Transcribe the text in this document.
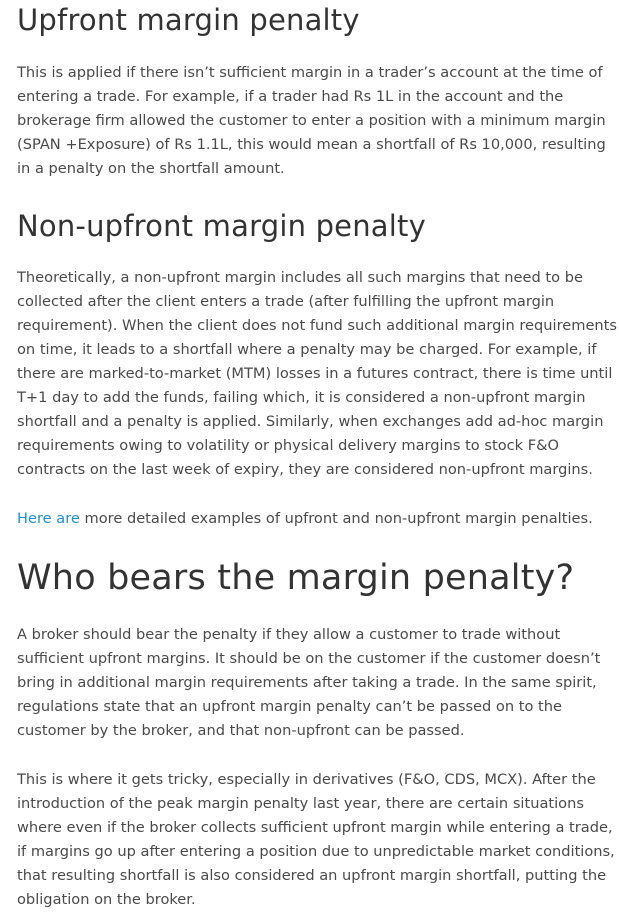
Upfront margin penalty

This is applied if there isn’t sufficient margin in a trader’s account at the time of entering a trade. For example, if a trader had Rs 1L in the account and the brokerage firm allowed the customer to enter a position with a minimum margin (SPAN +Exposure) of Rs 1.1L, this would mean a shortfall of Rs 10,000, resulting in a penalty on the shortfall amount.

Non-upfront margin penalty

Theoretically, a non-upfront margin includes all such margins that need to be collected after the client enters a trade (after fulfilling the upfront margin requirement). When the client does not fund such additional margin requirements on time, it leads to a shortfall where a penalty may be charged. For example, if there are marked-to-market (MTM) losses in a futures contract, there is time until T+1 day to add the funds, failing which, it is considered a non-upfront margin shortfall and a penalty is applied. Similarly, when exchanges add ad-hoc margin requirements owing to volatility or physical delivery margins to stock F&O contracts on the last week of expiry, they are considered non-upfront margins.

Here are more detailed examples of upfront and non-upfront margin penalties.

Who bears the margin penalty?

A broker should bear the penalty if they allow a customer to trade without sufficient upfront margins. It should be on the customer if the customer doesn’t bring in additional margin requirements after taking a trade. In the same spirit, regulations state that an upfront margin penalty can’t be passed on to the customer by the broker, and that non-upfront can be passed.

This is where it gets tricky, especially in derivatives (F&O, CDS, MCX). After the introduction of the peak margin penalty last year, there are certain situations where even if the broker collects sufficient upfront margin while entering a trade, if margins go up after entering a position due to unpredictable market conditions, that resulting shortfall is also considered an upfront margin shortfall, putting the obligation on the broker.
